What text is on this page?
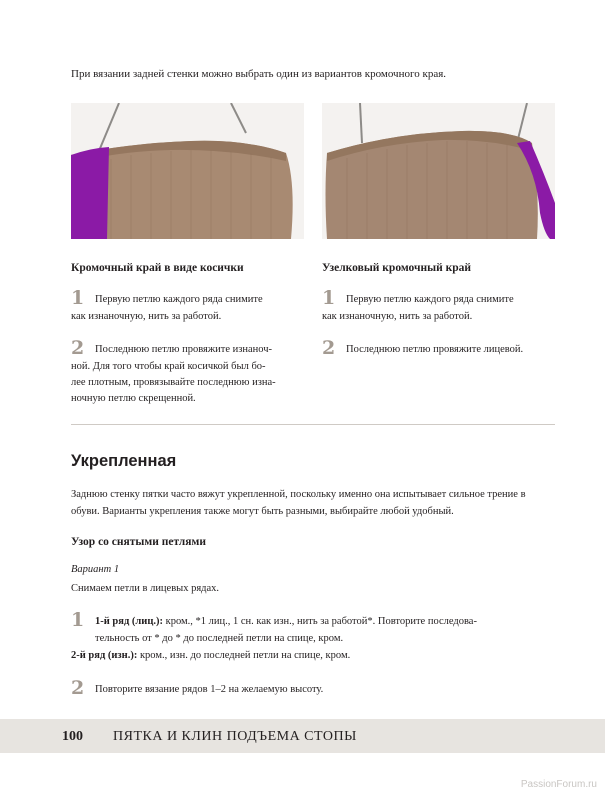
При вязании задней стенки можно выбрать один из вариантов кромочного края.
Кромочный край в виде косички
1 Первую петлю каждого ряда снимите
как изнаночную, нить за работой.
2 Последнюю петлю провяжите изнаноч-
ной. Для того чтобы край косичкой был бо-
лее плотным, провязывайте последнюю изна-
ночную петлю скрещенной.
Узелковый кромочный край
1 Первую петлю каждого ряда снимите
как изнаночную, нить за работой.
2 Последнюю петлю провяжите лицевой.
Укрепленная
Заднюю стенку пятки часто вяжут укрепленной, поскольку именно она испытывает сильное трение в обуви. Варианты укрепления также могут быть разными, выбирайте любой удобный.
Узор со снятыми петлями
Вариант 1
Снимаем петли в лицевых рядах.
1 1-й ряд (лиц.): кром., *1 лиц., 1 сн. как изн., нить за работой*. Повторите последова-
тельность от * до * до последней петли на спице, кром.
2-й ряд (изн.): кром., изн. до последней петли на спице, кром.
2 Повторите вязание рядов 1–2 на желаемую высоту.
100 ПЯТКА И КЛИН ПОДЪЕМА СТОПЫ
PassionForum.ru
